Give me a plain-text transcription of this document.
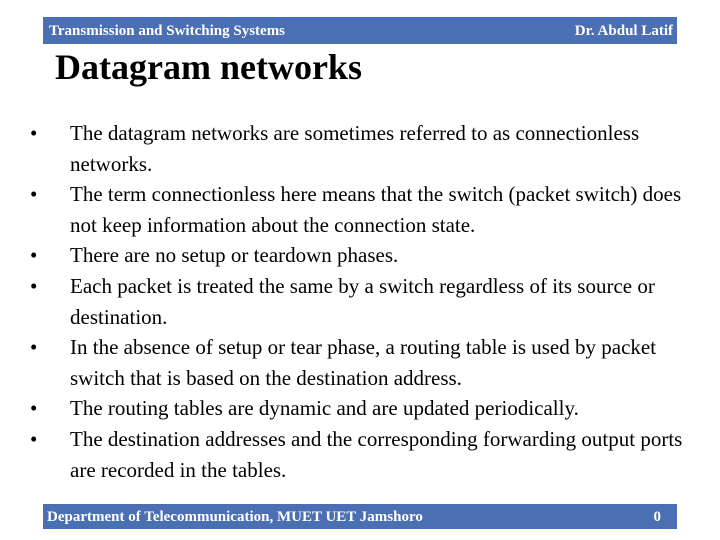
Transmission and Switching Systems	Dr. Abdul Latif
Datagram networks
• The datagram networks are sometimes referred to as connectionless networks.
• The term connectionless here means that the switch (packet switch) does not keep information about the connection state.
• There are no setup or teardown phases.
• Each packet is treated the same by a switch regardless of its source or destination.
• In the absence of setup or tear phase, a routing table is used by packet switch that is based on the destination address.
• The routing tables are dynamic and are updated periodically.
• The destination addresses and the corresponding forwarding output ports are recorded in the tables.
Department of Telecommunication, MUET UET Jamshoro	0
